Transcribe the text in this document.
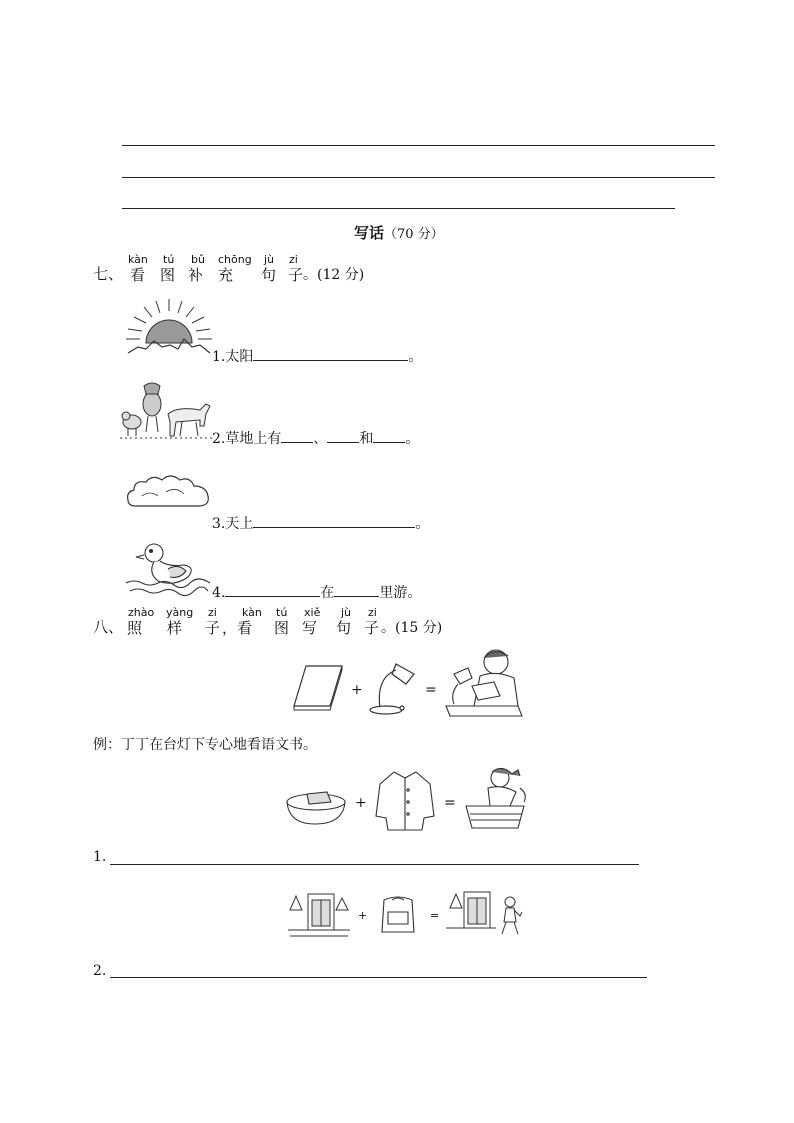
写话（70 分）
七、
kàn tú bǔ chōng jù zi
看 图 补 充 句 子 。(12 分)
1.太阳	。
2.草地上有 、 和 。
3.天上	。
4.	在	里游。
八、
zhào yàng zi kàn tú xiě jù zi
照 样 子 ，看 图 写 句 子 。(15 分)
+	=
例：丁丁在台灯下专心地看语文书。
+	=
1.
+	=
2.
